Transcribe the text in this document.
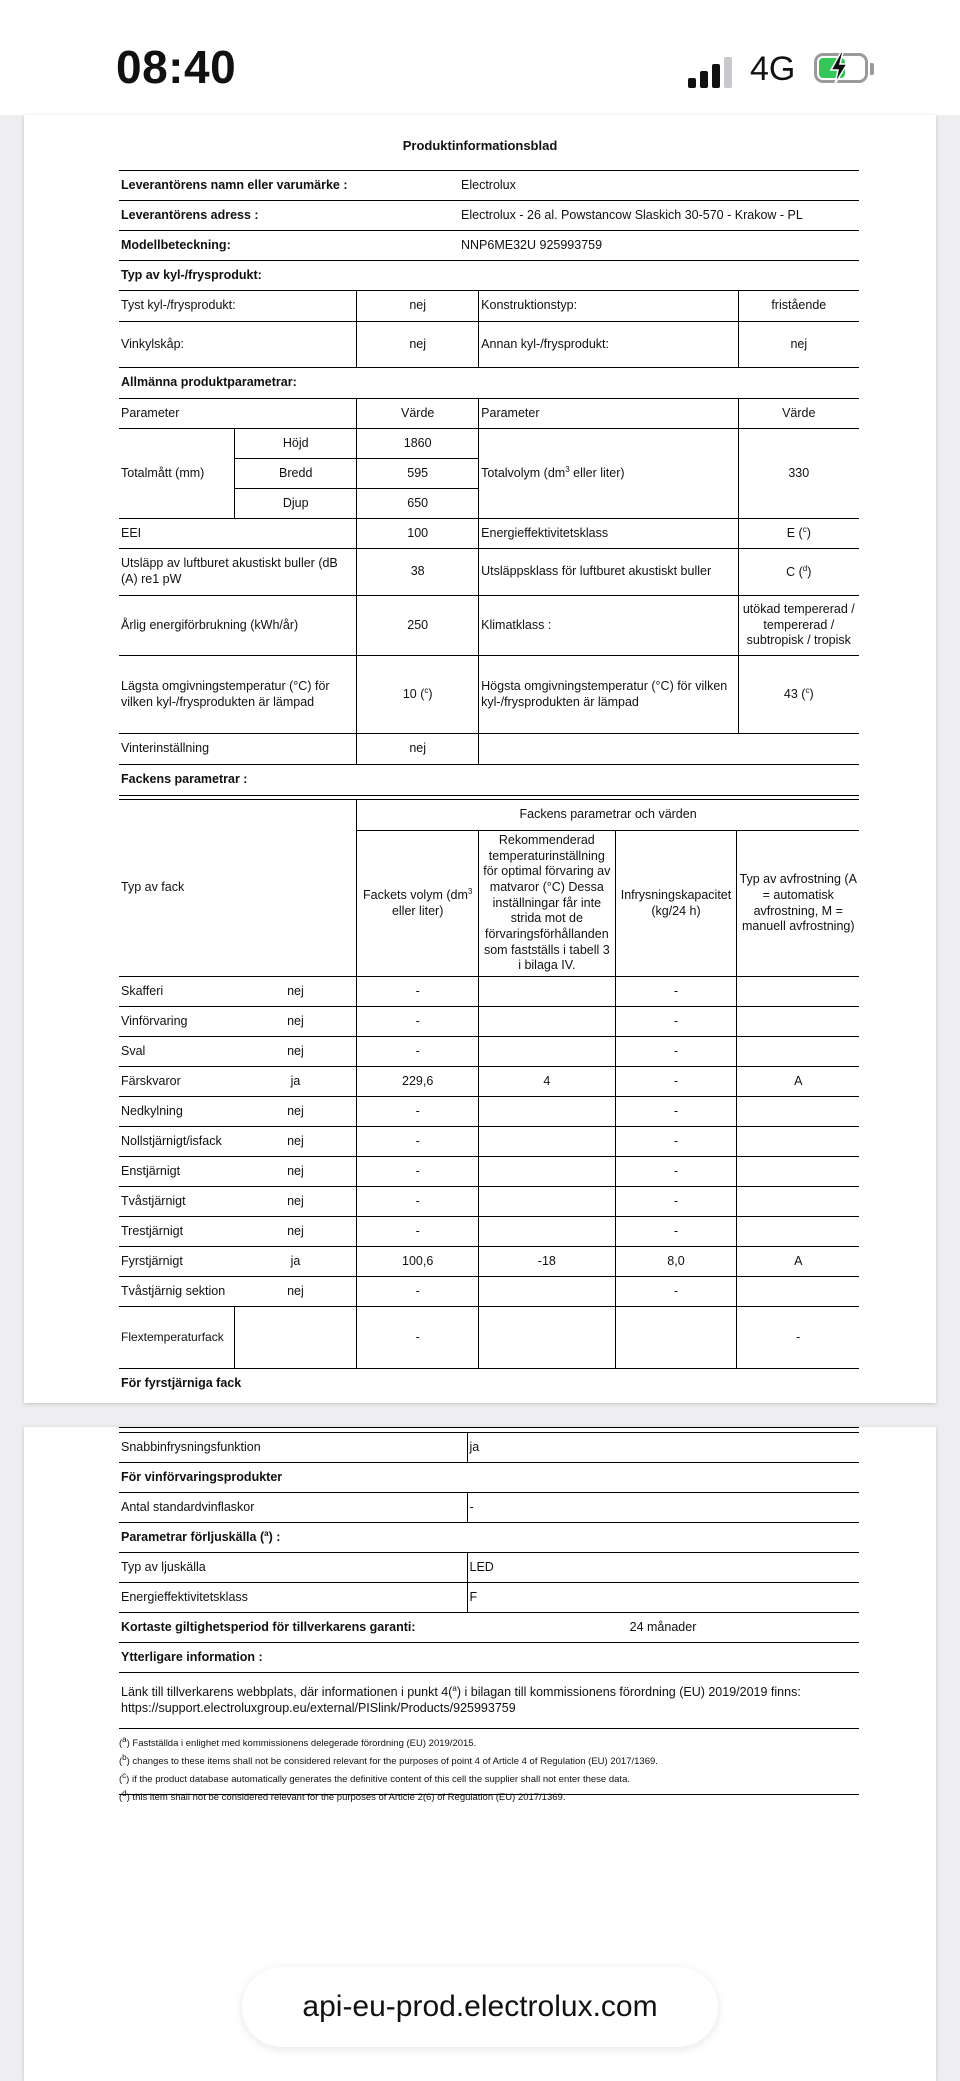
08:40	4G
Produktinformationsblad
Leverantörens namn eller varumärke :	Electrolux
Leverantörens adress :	Electrolux - 26 al. Powstancow Slaskich 30-570 - Krakow - PL
Modellbeteckning:	NNP6ME32U 925993759
Typ av kyl-/frysprodukt:	
Tyst kyl-/frysprodukt:		nej	Konstruktionstyp:	fristående
Vinkylskåp:		nej	Annan kyl-/frysprodukt:	nej
Allmänna produktparametrar:				
Parameter		Värde	Parameter	Värde
Totalmått (mm)	Höjd	1860	Totalvolym ($dm^3$ eller liter)	330
	Bredd	595		
	Djup	650		
EEI		100	Energieffektivitetsklass	E ($^c$)
Utsläpp av luftburet akustiskt buller (dB (A) re1 pW		38	Utsläppsklass för luftburet akustiskt buller	C ($^d$)
Årlig energiförbrukning (kWh/år)		250	Klimatklass :	utökad tempererad / tempererad / subtropisk / tropisk
Lägsta omgivningstemperatur (°C) för vilken kyl-/frysprodukten är lämpad		10 ($^c$)	Högsta omgivningstemperatur (°C) för vilken kyl-/frysprodukten är lämpad	43 ($^c$)
Vinterinställning		nej		
Fackens parametrar :				
Typ av fack		Fackens parametrar och värden			
		Fackets volym ($dm^3$ eller liter)	Rekommenderad temperaturinställning för optimal förvaring av matvaror (°C) Dessa inställningar får inte strida mot de förvaringsförhållanden som fastställs i tabell 3 i bilaga IV.	Infrysningskapacitet (kg/24 h)	Typ av avfrostning (A = automatisk avfrostning, M = manuell avfrostning)
Skafferi	nej	-		-	
Vinförvaring	nej	-		-	
Sval	nej	-		-	
Färskvaror	ja	229,6	4	-	A
Nedkylning	nej	-		-	
Nollstjärnigt/isfack	nej	-		-	
Enstjärnigt	nej	-		-	
Tvåstjärnigt	nej	-		-	
Trestjärnigt	nej	-		-	
Fyrstjärnigt	ja	100,6	-18	8,0	A
Tvåstjärnig sektion	nej	-		-	
Flextemperaturfack		-			-
För fyrstjärniga fack					

Snabbinfrysningsfunktion	ja
För vinförvaringsprodukter	
Antal standardvinflaskor	-
Parametrar förljuskälla ($^a$) :	
Typ av ljuskälla	LED
Energieffektivitetsklass	F
Kortaste giltighetsperiod för tillverkarens garanti:	24 månader
Ytterligare information :	
Länk till tillverkarens webbplats, där informationen i punkt 4($^a$) i bilagan till kommissionens förordning (EU) 2019/2019 finns:
https://support.electroluxgroup.eu/external/PISlink/Products/925993759	
($^a$) Fastställda i enlighet med kommissionens delegerade förordning (EU) 2019/2015.
($^b$) changes to these items shall not be considered relevant for the purposes of point 4 of Article 4 of Regulation (EU) 2017/1369.
($^c$) if the product database automatically generates the definitive content of this cell the supplier shall not enter these data.
($^d$) this item shall not be considered relevant for the purposes of Article 2(6) of Regulation (EU) 2017/1369.
api-eu-prod.electrolux.com
